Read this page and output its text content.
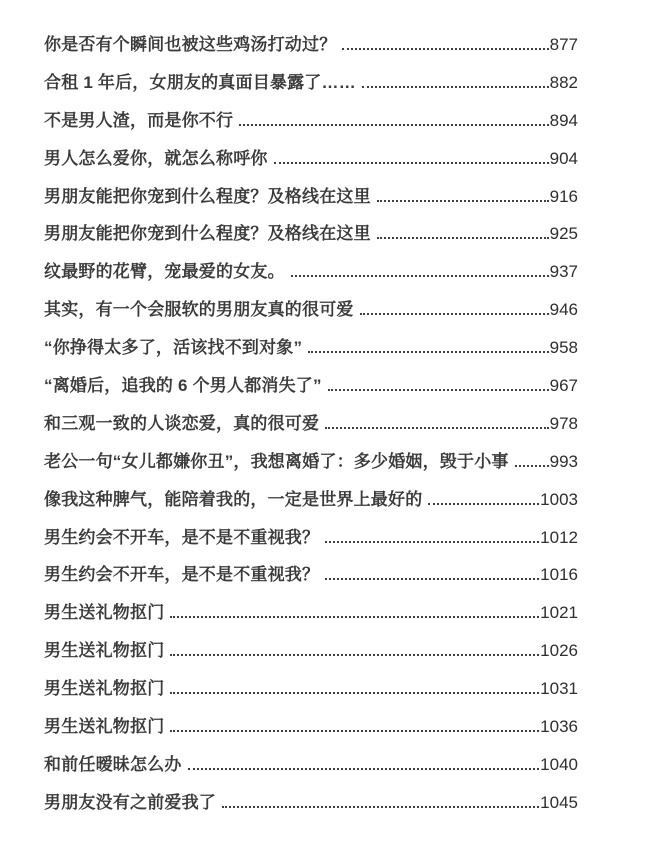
你是否有个瞬间也被这些鸡汤打动过？	877
合租 1 年后，女朋友的真面目暴露了……	882
不是男人渣，而是你不行	894
男人怎么爱你，就怎么称呼你	904
男朋友能把你宠到什么程度？及格线在这里	916
男朋友能把你宠到什么程度？及格线在这里	925
纹最野的花臂，宠最爱的女友。	937
其实，有一个会服软的男朋友真的很可爱	946
“你挣得太多了，活该找不到对象”	958
“离婚后，追我的 6 个男人都消失了”	967
和三观一致的人谈恋爱，真的很可爱	978
老公一句“女儿都嫌你丑”，我想离婚了：多少婚姻，毁于小事 993
像我这种脾气，能陪着我的，一定是世界上最好的	1003
男生约会不开车，是不是不重视我？	1012
男生约会不开车，是不是不重视我？	1016
男生送礼物抠门	1021
男生送礼物抠门	1026
男生送礼物抠门	1031
男生送礼物抠门	1036
和前任暧昧怎么办	1040
男朋友没有之前爱我了	1045
